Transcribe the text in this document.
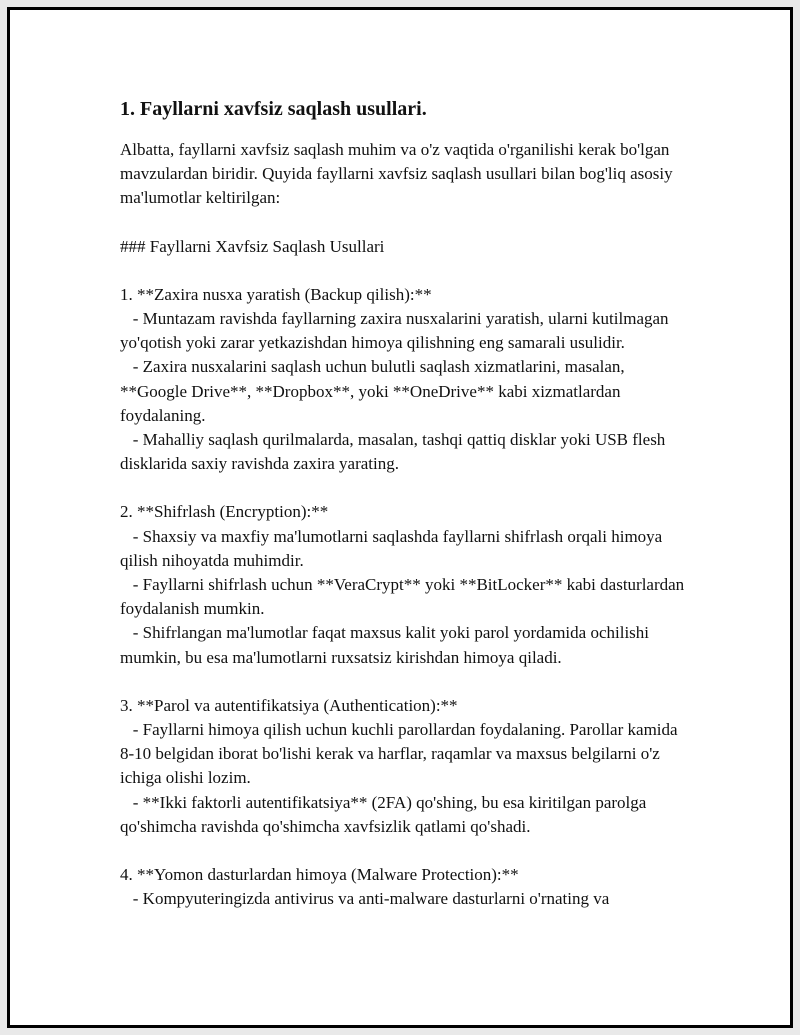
1. Fayllarni xavfsiz saqlash usullari.

Albatta, fayllarni xavfsiz saqlash muhim va o'z vaqtida o'rganilishi kerak bo'lgan mavzulardan biridir. Quyida fayllarni xavfsiz saqlash usullari bilan bog'liq asosiy ma'lumotlar keltirilgan:

### Fayllarni Xavfsiz Saqlash Usullari

1. **Zaxira nusxa yaratish (Backup qilish):**

- Muntazam ravishda fayllarning zaxira nusxalarini yaratish, ularni kutilmagan yo'qotish yoki zarar yetkazishdan himoya qilishning eng samarali usulidir.

- Zaxira nusxalarini saqlash uchun bulutli saqlash xizmatlarini, masalan, **Google Drive**, **Dropbox**, yoki **OneDrive** kabi xizmatlardan foydalaning.

- Mahalliy saqlash qurilmalarda, masalan, tashqi qattiq disklar yoki USB flesh disklarida saxiy ravishda zaxira yarating.

2. **Shifrlash (Encryption):**

- Shaxsiy va maxfiy ma'lumotlarni saqlashda fayllarni shifrlash orqali himoya qilish nihoyatda muhimdir.

- Fayllarni shifrlash uchun **VeraCrypt** yoki **BitLocker** kabi dasturlardan foydalanish mumkin.

- Shifrlangan ma'lumotlar faqat maxsus kalit yoki parol yordamida ochilishi mumkin, bu esa ma'lumotlarni ruxsatsiz kirishdan himoya qiladi.

3. **Parol va autentifikatsiya (Authentication):**

- Fayllarni himoya qilish uchun kuchli parollardan foydalaning. Parollar kamida 8-10 belgidan iborat bo'lishi kerak va harflar, raqamlar va maxsus belgilarni o'z ichiga olishi lozim.

- **Ikki faktorli autentifikatsiya** (2FA) qo'shing, bu esa kiritilgan parolga qo'shimcha ravishda qo'shimcha xavfsizlik qatlami qo'shadi.

4. **Yomon dasturlardan himoya (Malware Protection):**

- Kompyuteringizda antivirus va anti-malware dasturlarni o'rnating va
